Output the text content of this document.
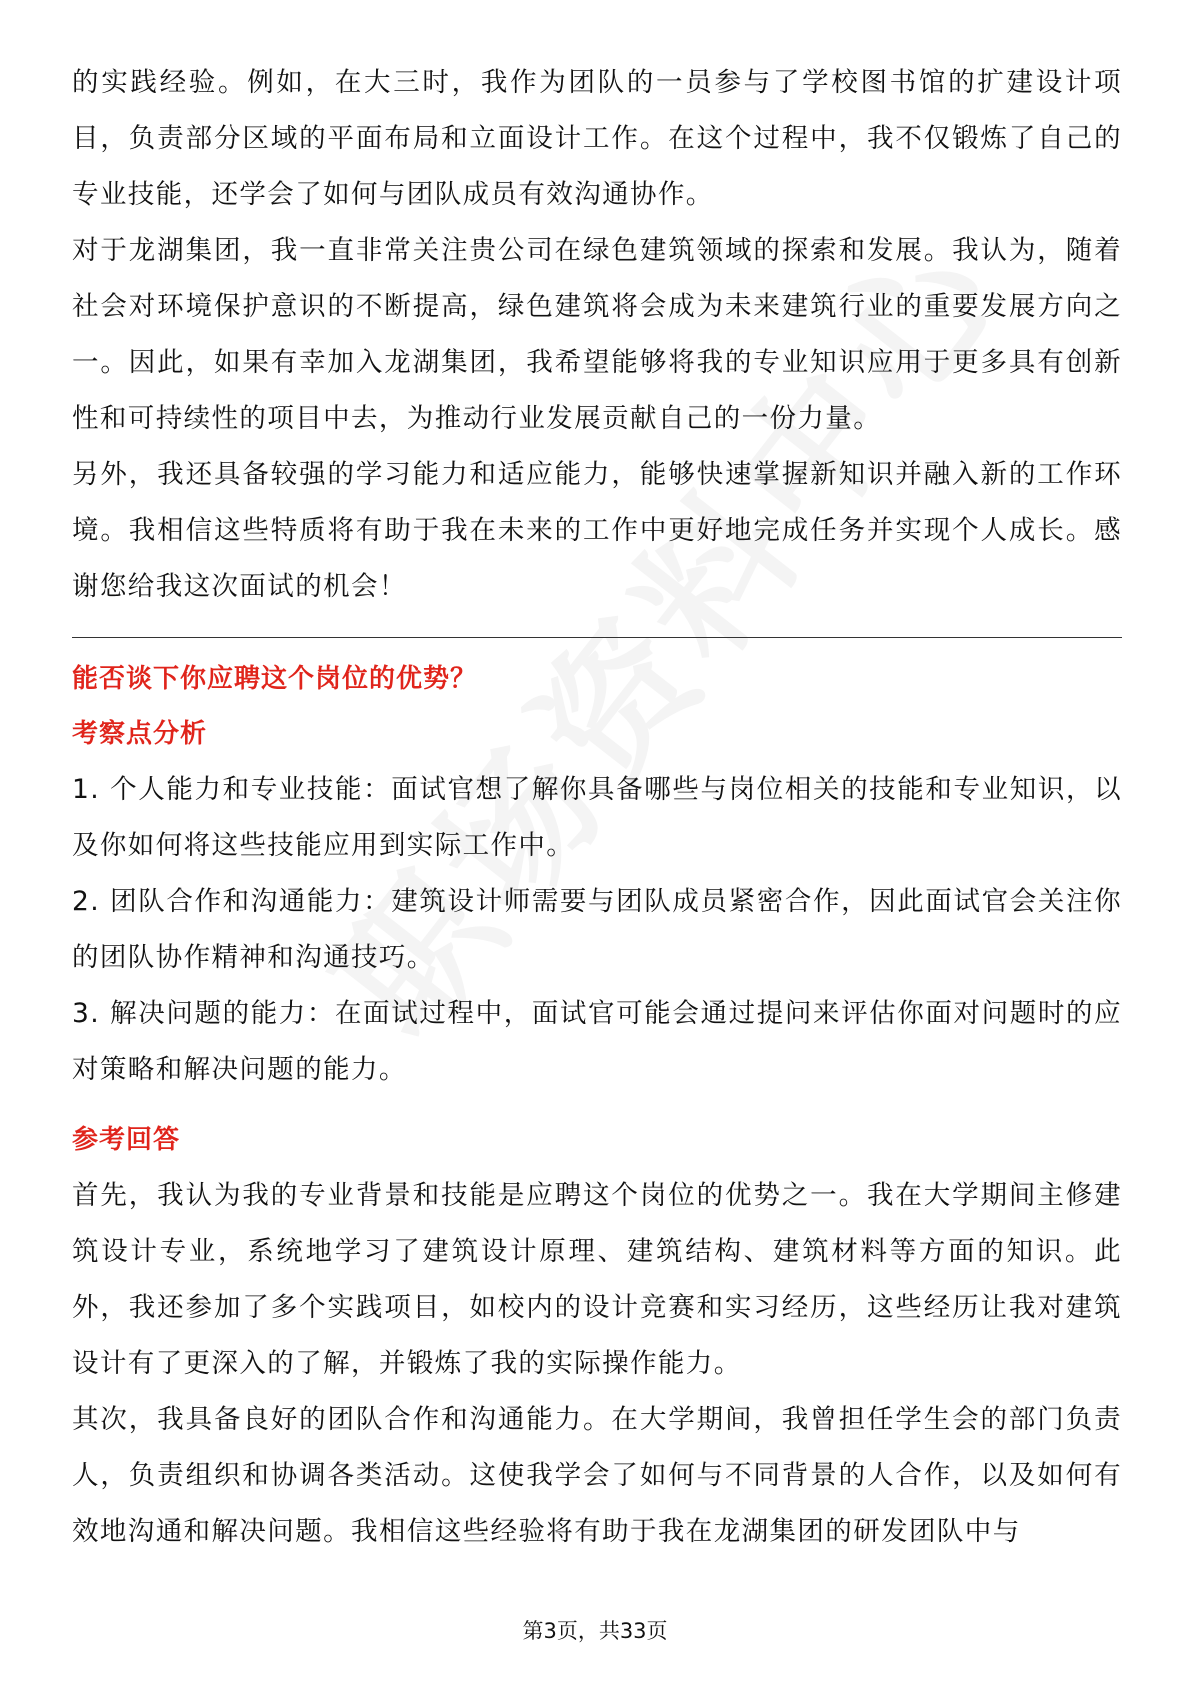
的实践经验。例如，在大三时，我作为团队的一员参与了学校图书馆的扩建设计项目，负责部分区域的平面布局和立面设计工作。在这个过程中，我不仅锻炼了自己的专业技能，还学会了如何与团队成员有效沟通协作。

对于龙湖集团，我一直非常关注贵公司在绿色建筑领域的探索和发展。我认为，随着社会对环境保护意识的不断提高，绿色建筑将会成为未来建筑行业的重要发展方向之一。因此，如果有幸加入龙湖集团，我希望能够将我的专业知识应用于更多具有创新性和可持续性的项目中去，为推动行业发展贡献自己的一份力量。

另外，我还具备较强的学习能力和适应能力，能够快速掌握新知识并融入新的工作环境。我相信这些特质将有助于我在未来的工作中更好地完成任务并实现个人成长。感谢您给我这次面试的机会！

能否谈下你应聘这个岗位的优势？

考察点分析

1. 个人能力和专业技能：面试官想了解你具备哪些与岗位相关的技能和专业知识，以及你如何将这些技能应用到实际工作中。

2. 团队合作和沟通能力：建筑设计师需要与团队成员紧密合作，因此面试官会关注你的团队协作精神和沟通技巧。

3. 解决问题的能力：在面试过程中，面试官可能会通过提问来评估你面对问题时的应对策略和解决问题的能力。

参考回答

首先，我认为我的专业背景和技能是应聘这个岗位的优势之一。我在大学期间主修建筑设计专业，系统地学习了建筑设计原理、建筑结构、建筑材料等方面的知识。此外，我还参加了多个实践项目，如校内的设计竞赛和实习经历，这些经历让我对建筑设计有了更深入的了解，并锻炼了我的实际操作能力。

其次，我具备良好的团队合作和沟通能力。在大学期间，我曾担任学生会的部门负责人，负责组织和协调各类活动。这使我学会了如何与不同背景的人合作，以及如何有效地沟通和解决问题。我相信这些经验将有助于我在龙湖集团的研发团队中与

第3页，共33页
